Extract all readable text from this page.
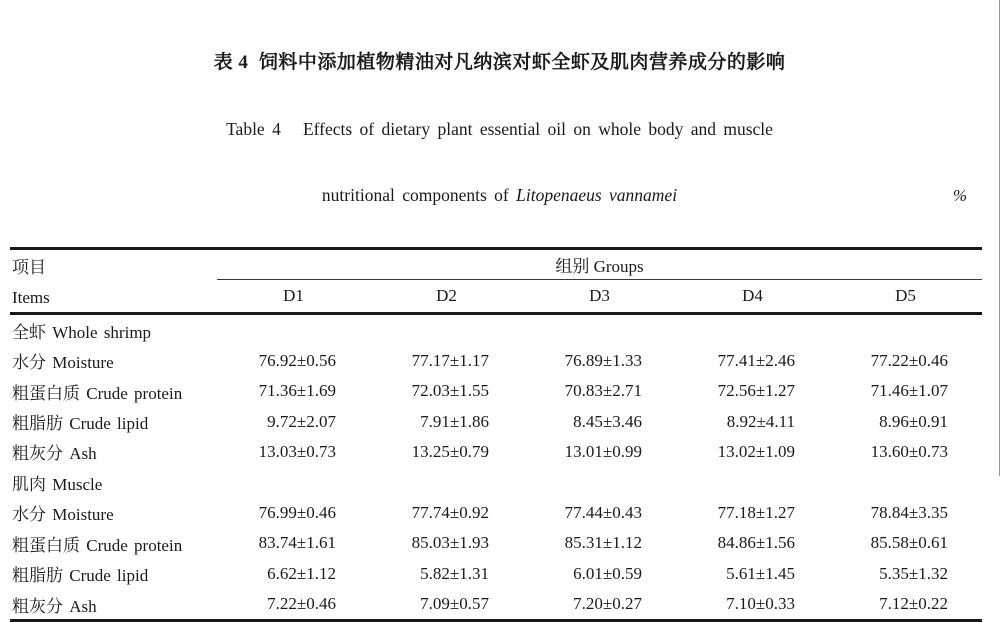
表 4  饲料中添加植物精油对凡纳滨对虾全虾及肌肉营养成分的影响

Table 4   Effects of dietary plant essential oil on whole body and muscle

nutritional components of Litopenaeus vannamei	%

项目
Items
组别 Groups
D1	D2	D3	D4	D5
全虾 Whole shrimp
水分 Moisture	76.92±0.56	77.17±1.17	76.89±1.33	77.41±2.46	77.22±0.46
粗蛋白质 Crude protein	71.36±1.69	72.03±1.55	70.83±2.71	72.56±1.27	71.46±1.07
粗脂肪 Crude lipid	9.72±2.07	7.91±1.86	8.45±3.46	8.92±4.11	8.96±0.91
粗灰分 Ash	13.03±0.73	13.25±0.79	13.01±0.99	13.02±1.09	13.60±0.73
肌肉 Muscle
水分 Moisture	76.99±0.46	77.74±0.92	77.44±0.43	77.18±1.27	78.84±3.35
粗蛋白质 Crude protein	83.74±1.61	85.03±1.93	85.31±1.12	84.86±1.56	85.58±0.61
粗脂肪 Crude lipid	6.62±1.12	5.82±1.31	6.01±0.59	5.61±1.45	5.35±1.32
粗灰分 Ash	7.22±0.46	7.09±0.57	7.20±0.27	7.10±0.33	7.12±0.22
